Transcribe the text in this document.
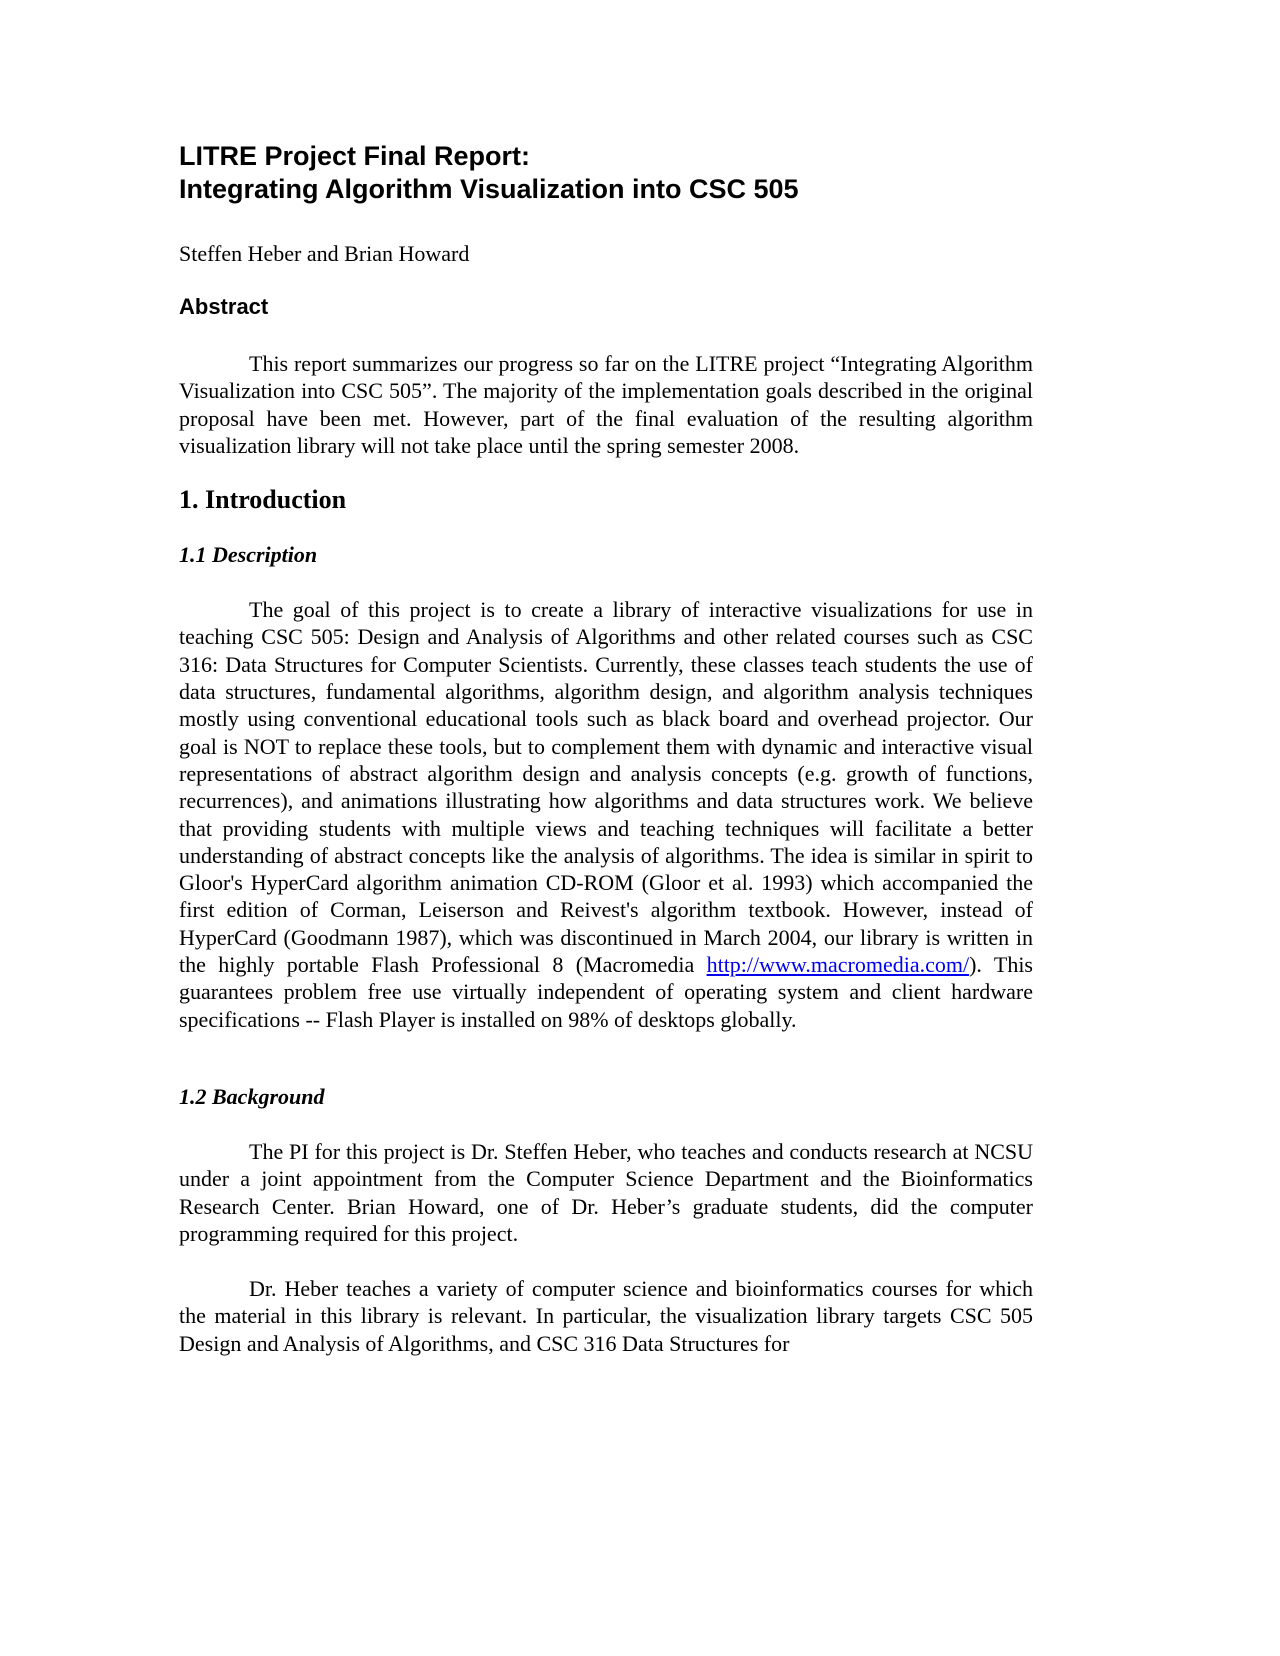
LITRE Project Final Report:
Integrating Algorithm Visualization into CSC 505

Steffen Heber and Brian Howard

Abstract

This report summarizes our progress so far on the LITRE project “Integrating Algorithm Visualization into CSC 505”. The majority of the implementation goals described in the original proposal have been met. However, part of the final evaluation of the resulting algorithm visualization library will not take place until the spring semester 2008.

1. Introduction
1.1 Description

The goal of this project is to create a library of interactive visualizations for use in teaching CSC 505: Design and Analysis of Algorithms and other related courses such as CSC 316: Data Structures for Computer Scientists. Currently, these classes teach students the use of data structures, fundamental algorithms, algorithm design, and algorithm analysis techniques mostly using conventional educational tools such as black board and overhead projector. Our goal is NOT to replace these tools, but to complement them with dynamic and interactive visual representations of abstract algorithm design and analysis concepts (e.g. growth of functions, recurrences), and animations illustrating how algorithms and data structures work. We believe that providing students with multiple views and teaching techniques will facilitate a better understanding of abstract concepts like the analysis of algorithms. The idea is similar in spirit to Gloor's HyperCard algorithm animation CD-ROM (Gloor et al. 1993) which accompanied the first edition of Corman, Leiserson and Reivest's algorithm textbook. However, instead of HyperCard (Goodmann 1987), which was discontinued in March 2004, our library is written in the highly portable Flash Professional 8 (Macromedia http://www.macromedia.com/). This guarantees problem free use virtually independent of operating system and client hardware specifications -- Flash Player is installed on 98% of desktops globally.

1.2 Background

The PI for this project is Dr. Steffen Heber, who teaches and conducts research at NCSU under a joint appointment from the Computer Science Department and the Bioinformatics Research Center. Brian Howard, one of Dr. Heber’s graduate students, did the computer programming required for this project.

Dr. Heber teaches a variety of computer science and bioinformatics courses for which the material in this library is relevant. In particular, the visualization library targets CSC 505 Design and Analysis of Algorithms, and CSC 316 Data Structures for
